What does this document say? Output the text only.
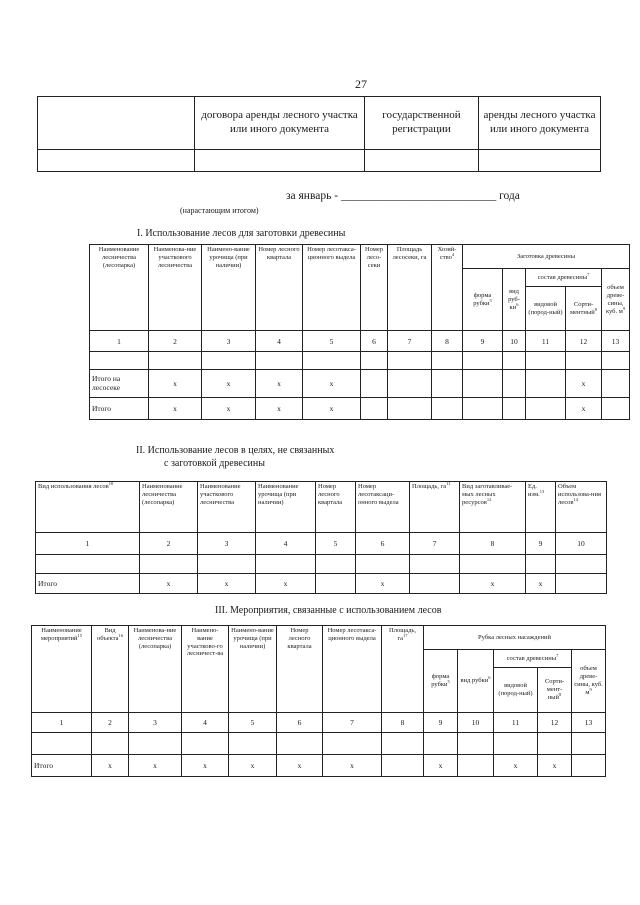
27
	договора аренды лесного участка или иного документа	государственной регистрации	аренды лесного участка или иного документа

за январь - ___________________________ года
(нарастающим итогом)
I. Использование лесов для заготовки древесины
Наименование лесничества (лесопарка)	Наименова-ние участкового лесничества	Наимено-вание урочища (при наличии)	Номер лесного квартала	Номер лесотакса-ционного выдела	Номер лесо-секи	Площадь лесосеки, га	Хозяй-ство$^4$	Заготовка древесины				
								форма рубки$^5$	вид руб-$ки^6$	состав древесины$^7$		объем древе-сины, куб. $м^9$
										видовой (пород-ный)	Сорти-ментный$^8$
1	2	3	4	5	6	7	8	9	10	11	12	13

Итого на лесосеке	х	х	х	х							х	
Итого	х	х	х	х							х	
II. Использование лесов в целях, не связанных
с заготовкой древесины
Вид использования лесов$^{10}$	Наименование лесничества (лесопарка)	Наименование участкового лесничества	Наименование урочища (при наличии)	Номер лесного квартала	Номер лесотаксаци-онного выдела	Площадь, $га^{11}$	Вид заготавливае-мых лесных ресурсов$^{12}$	Ед. изм.$^{13}$	Объем использова-ния лесов$^{14}$
1	2	3	4	5	6	7	8	9	10

Итого	х	х	х		х		х	х	
III. Мероприятия, связанные с использованием лесов
Наименование мероприятий$^{15}$	Вид объекта$^{16}$	Наименова-ние лесничества (лесопарка)	Наимено-вание участково-го лесничест-ва	Наимено-вание урочища (при наличии)	Номер лесного квартала	Номер лесотакса-ционного выдела	Площадь, $га^{17}$	Рубка лесных насаждений				
								форма рубки$^5$	вид рубки$^6$	состав древесины$^7$		объем древе-сины, куб. $м^9$
										видовой (пород-ный)	Сорти-мент-ный$^8$
1	2	3	4	5	6	7	8	9	10	11	12	13

Итого	х	х	х	х	х	х		х		х	х	
